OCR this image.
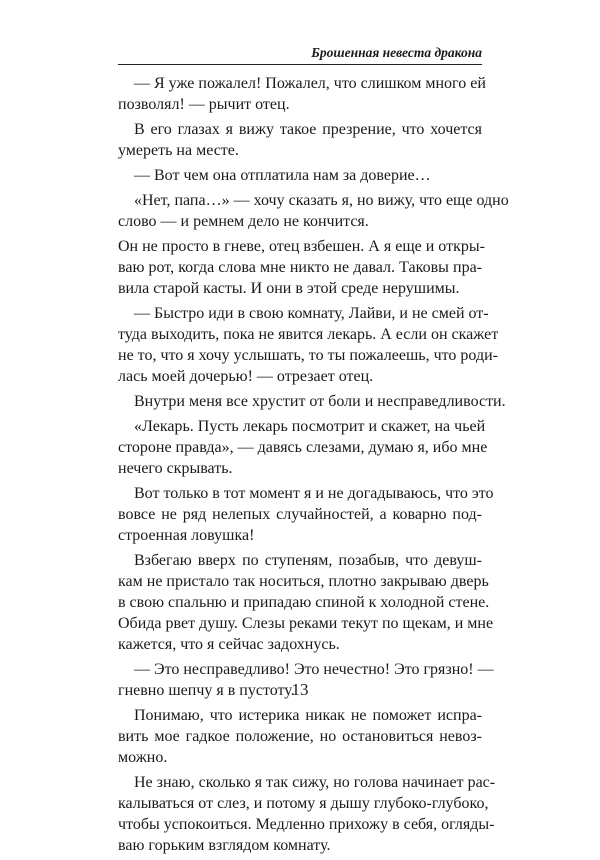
Брошенная невеста дракона
— Я уже пожалел! Пожалел, что слишком много ей
позволял! — рычит отец.
В его глазах я вижу такое презрение, что хочется
умереть на месте.
— Вот чем она отплатила нам за доверие…
«Нет, папа…» — хочу сказать я, но вижу, что еще одно
слово — и ремнем дело не кончится.
Он не просто в гневе, отец взбешен. А я еще и откры-
ваю рот, когда слова мне никто не давал. Таковы пра-
вила старой касты. И они в этой среде нерушимы.
— Быстро иди в свою комнату, Лайви, и не смей от-
туда выходить, пока не явится лекарь. А если он скажет
не то, что я хочу услышать, то ты пожалеешь, что роди-
лась моей дочерью! — отрезает отец.
Внутри меня все хрустит от боли и несправедливости.
«Лекарь. Пусть лекарь посмотрит и скажет, на чьей
стороне правда», — давясь слезами, думаю я, ибо мне
нечего скрывать.
Вот только в тот момент я и не догадываюсь, что это
вовсе не ряд нелепых случайностей, а коварно под-
строенная ловушка!
Взбегаю вверх по ступеням, позабыв, что девуш-
кам не пристало так носиться, плотно закрываю дверь
в свою спальню и припадаю спиной к холодной стене.
Обида рвет душу. Слезы реками текут по щекам, и мне
кажется, что я сейчас задохнусь.
— Это несправедливо! Это нечестно! Это грязно! —
гневно шепчу я в пустоту.
Понимаю, что истерика никак не поможет испра-
вить мое гадкое положение, но остановиться невоз-
можно.
Не знаю, сколько я так сижу, но голова начинает рас-
калываться от слез, и потому я дышу глубоко-глубоко,
чтобы успокоиться. Медленно прихожу в себя, огляды-
ваю горьким взглядом комнату.
13
